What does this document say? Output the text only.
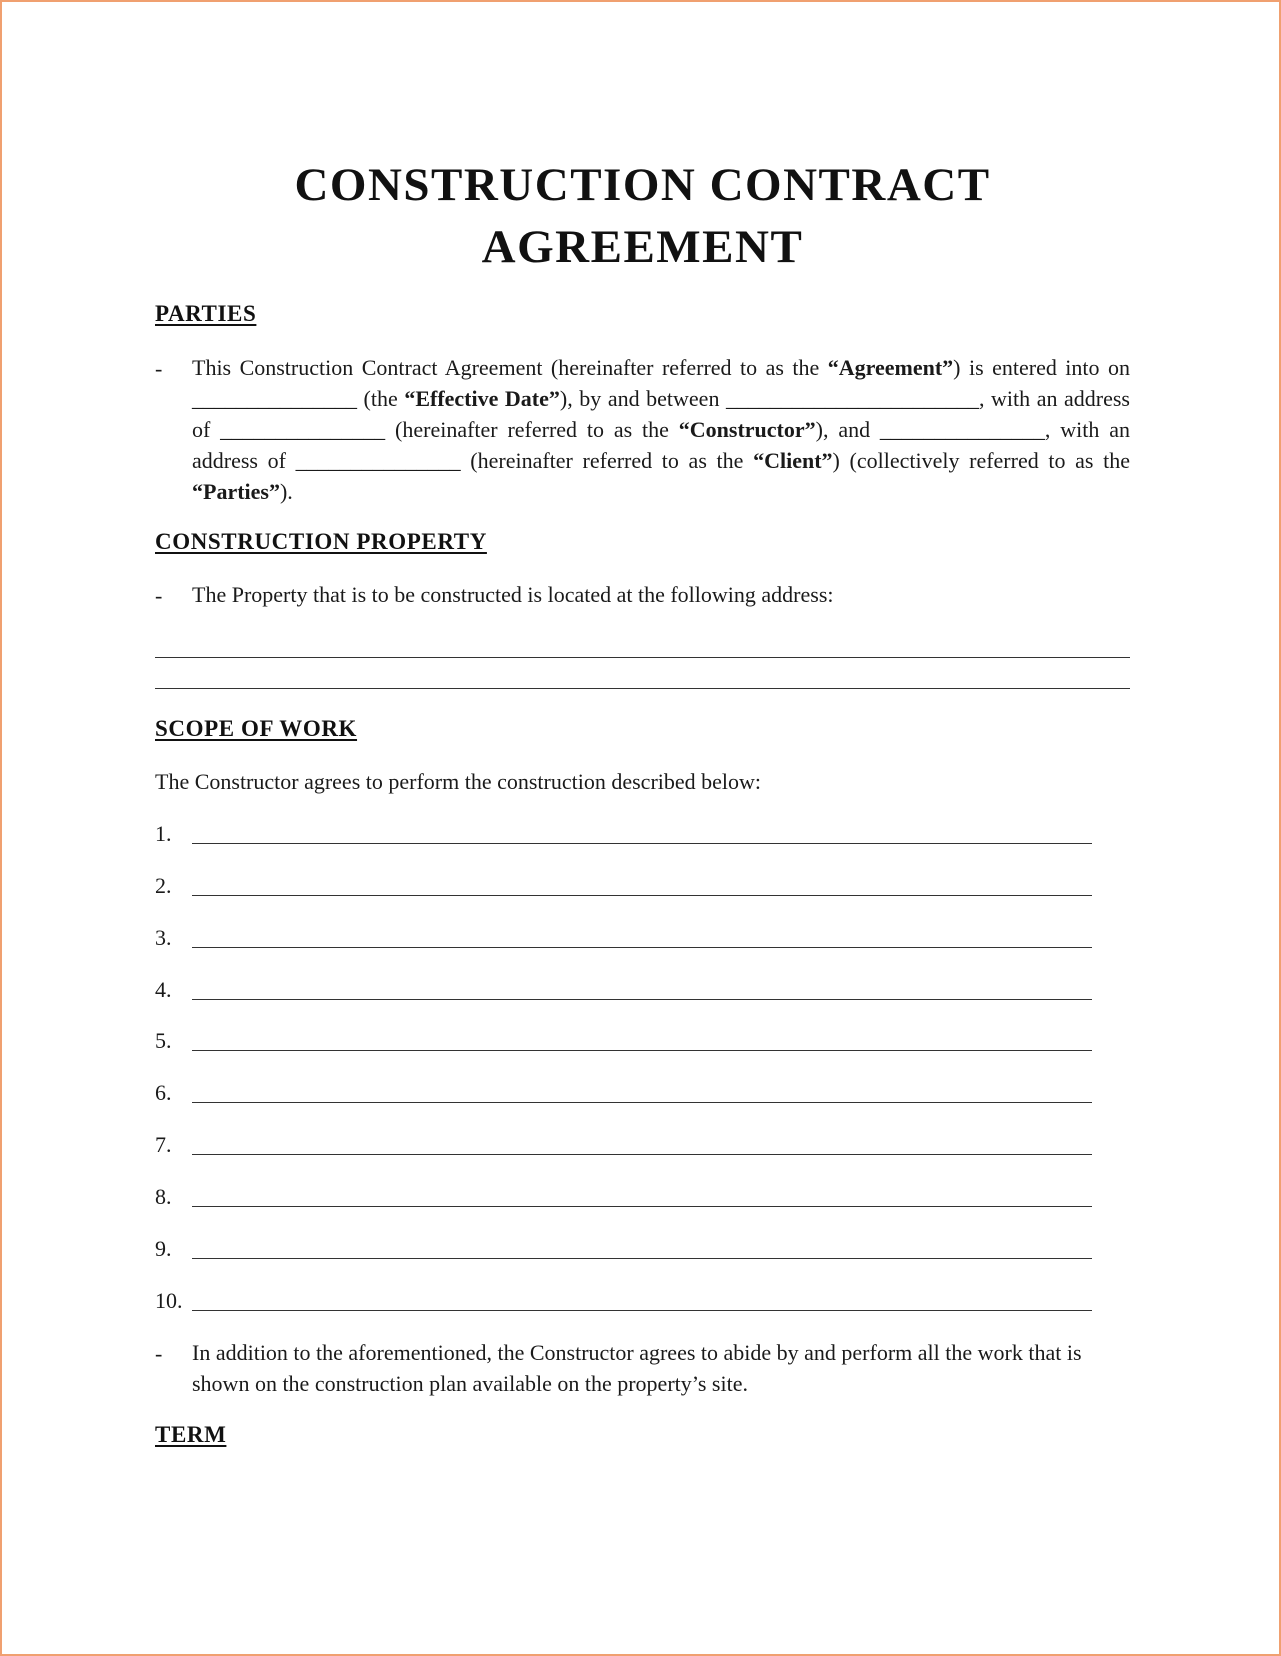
CONSTRUCTION CONTRACT
AGREEMENT
PARTIES
- This Construction Contract Agreement (hereinafter referred to as the “Agreement”) is entered into on _______________ (the “Effective Date”), by and between _______________________, with an address of _______________ (hereinafter referred to as the “Constructor”), and _______________, with an address of _______________ (hereinafter referred to as the “Client”) (collectively referred to as the “Parties”).
CONSTRUCTION PROPERTY
- The Property that is to be constructed is located at the following address:
SCOPE OF WORK
The Constructor agrees to perform the construction described below:
1.
2.
3.
4.
5.
6.
7.
8.
9.
10.
- In addition to the aforementioned, the Constructor agrees to abide by and perform all the work that is shown on the construction plan available on the property’s site.
TERM
